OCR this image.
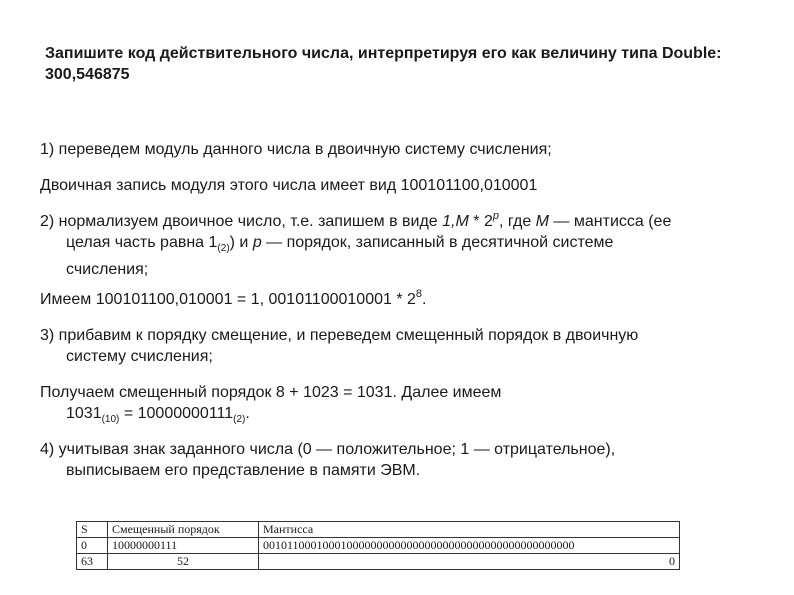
Запишите код действительного числа, интерпретируя его как величину типа Double: 300,546875
1) переведем модуль данного числа в двоичную систему счисления;
Двоичная запись модуля этого числа имеет вид 100101100,010001
2) нормализуем двоичное число, т.е. запишем в виде 1,M * 2$^p$, где M — мантисса (ее
целая часть равна $1_{(2)}$) и p — порядок, записанный в десятичной системе
счисления;
Имеем 100101100,010001 = 1, $00101100010001 * 2^8$.
3) прибавим к порядку смещение, и переведем смещенный порядок в двоичную
систему счисления;
Получаем смещенный порядок 8 + 1023 = 1031. Далее имеем
$1031_{(10)} = 10000000111_{(2)}$.
4) учитывая знак заданного числа (0 — положительное; 1 — отрицательное),
выписываем его представление в памяти ЭВМ.
S	Смещенный порядок	Мантисса
0	10000000111	0010110001000100000000000000000000000000000000000000
63	52	0
